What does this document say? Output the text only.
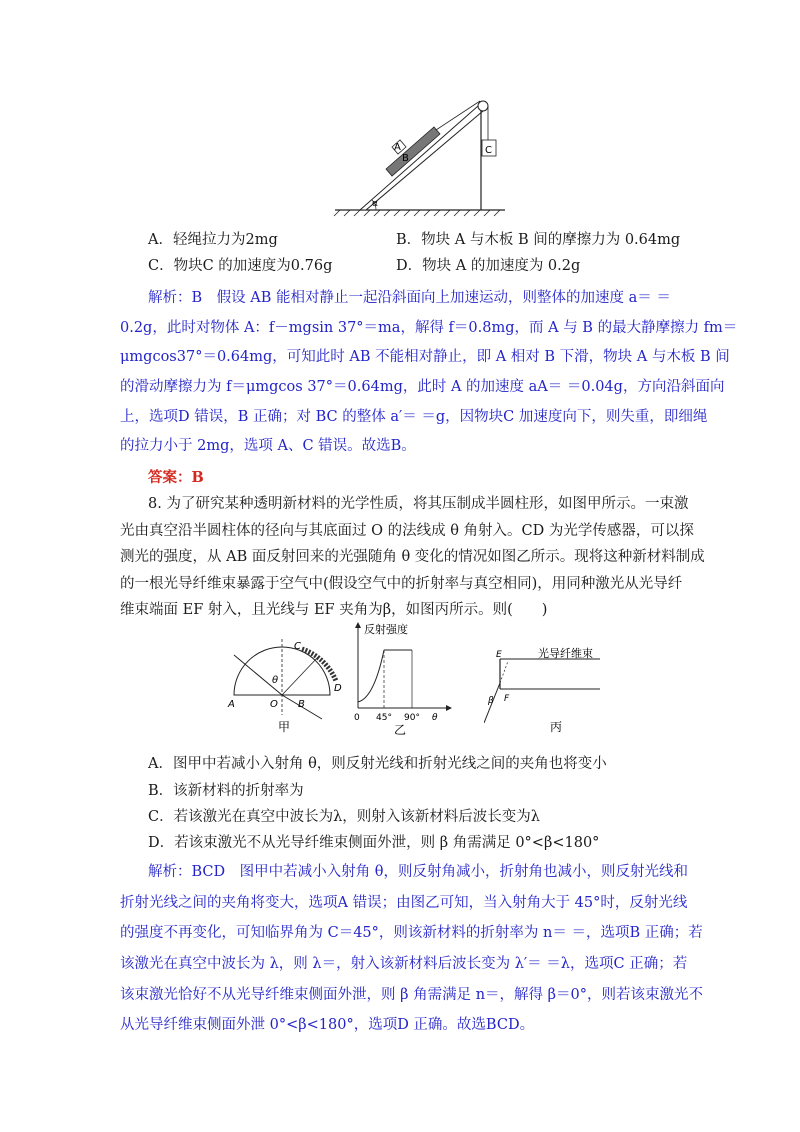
A
B
C
α
A．轻绳拉力为2mg	B．物块 A 与木板 B 间的摩擦力为 0.64mg
C．物块C 的加速度为0.76g	D．物块 A 的加速度为 0.2g
解析：B　假设 AB 能相对静止一起沿斜面向上加速运动，则整体的加速度 a＝ ＝
0.2g，此时对物体 A：f－mgsin 37°＝ma，解得 f＝0.8mg，而 A 与 B 的最大静摩擦力 fm＝
μmgcos37°＝0.64mg，可知此时 AB 不能相对静止，即 A 相对 B 下滑，物块 A 与木板 B 间
的滑动摩擦力为 f＝μmgcos 37°＝0.64mg，此时 A 的加速度 aA＝ ＝0.04g，方向沿斜面向
上，选项D 错误，B 正确；对 BC 的整体 a′＝ ＝g，因物块C 加速度向下，则失重，即细绳
的拉力小于 2mg，选项 A、C 错误。故选B。
答案：B
8. 为了研究某种透明新材料的光学性质，将其压制成半圆柱形，如图甲所示。一束激
光由真空沿半圆柱体的径向与其底面过 O 的法线成 θ 角射入。CD 为光学传感器，可以探
测光的强度，从 AB 面反射回来的光强随角 θ 变化的情况如图乙所示。现将这种新材料制成
的一根光导纤维束暴露于空气中(假设空气中的折射率与真空相同)，用同种激光从光导纤
维束端面 EF 射入，且光线与 EF 夹角为β，如图丙所示。则(　　)
C
D
A	O B
θ
甲
反射强度
0 45° 90° θ
乙
E
F
β
光导纤维束
丙
A．图甲中若减小入射角 θ，则反射光线和折射光线之间的夹角也将变小
B．该新材料的折射率为
C．若该激光在真空中波长为λ，则射入该新材料后波长变为λ
D．若该束激光不从光导纤维束侧面外泄，则 β 角需满足 0°<β<180°
解析：BCD　图甲中若减小入射角 θ，则反射角减小，折射角也减小，则反射光线和
折射光线之间的夹角将变大，选项A 错误；由图乙可知，当入射角大于 45°时，反射光线
的强度不再变化，可知临界角为 C＝45°，则该新材料的折射率为 n＝ ＝，选项B 正确；若
该激光在真空中波长为 λ，则 λ＝，射入该新材料后波长变为 λ′＝ ＝λ，选项C 正确；若
该束激光恰好不从光导纤维束侧面外泄，则 β 角需满足 n＝，解得 β＝0°，则若该束激光不
从光导纤维束侧面外泄 0°<β<180°，选项D 正确。故选BCD。
